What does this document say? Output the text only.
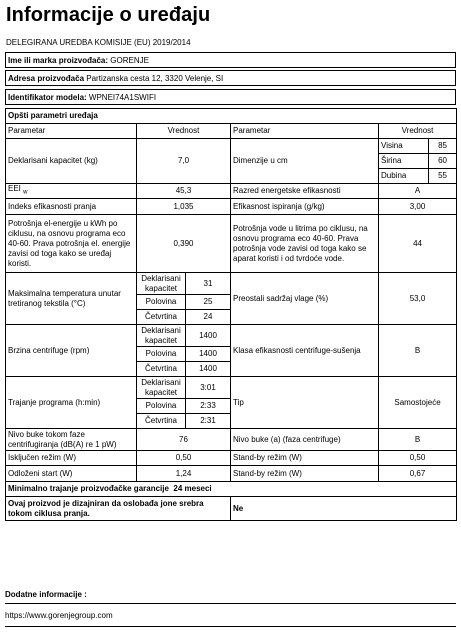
Informacije o uređaju
DELEGIRANA UREDBA KOMISIJE (EU) 2019/2014
Ime ili marka proizvođača:
GORENJE
Adresa proizvođača
Partizanska cesta 12, 3320 Velenje, SI
Identifikator modela:
WPNEI74A1SWIFI
Opšti parametri uređaja					
Parametar	Vrednost		Parametar	Vrednost	
Deklarisani kapacitet (kg)	7,0		Dimenzije u cm	Visina	85
				Širina	60
				Dubina	55
EEI $_w$	45,3		Razred energetske efikasnosti	A	
Indeks efikasnosti pranja	1,035		Efikasnost ispiranja (g/kg)	3,00	
Potrošnja el-energije u kWh po ciklusu, na osnovu programa eco 40-60. Prava potrošnja el. energije zavisi od toga kako se uređaj koristi.	0,390		Potrošnja vode u litrima po ciklusu, na osnovu programa eco 40-60. Prava potrošnja vode zavisi od toga kako se aparat koristi i od tvrdoće vode.	44	
Maksimalna temperatura unutar tretiranog tekstila (°C)	Deklarisani kapacitet	31	Preostali sadržaj vlage (%)	53,0	
	Polovina	25			
	Četvrtina	24			
Brzina centrifuge (rpm)	Deklarisani kapacitet	1400	Klasa efikasnosti centrifuge-sušenja	B	
	Polovina	1400			
	Četvrtina	1400			
Trajanje programa (h:min)	Deklarisani kapacitet	3:01	Tip	Samostojeće	
	Polovina	2:33			
	Četvrtina	2:31			
Nivo buke tokom faze centrifugiranja (dB(A) re 1 pW)	76		Nivo buke (a) (faza centrifuge)	B	
Isključen režim (W)	0,50		Stand-by režim (W)	0,50	
Odloženi start (W)	1,24		Stand-by režim (W)	0,67	
Minimalno trajanje proizvođačke garancije 24 meseci					
Ovaj proizvod je dizajniran da oslobađa jone srebra tokom ciklusa pranja.			Ne		
Dodatne informacije :
https://www.gorenjegroup.com
